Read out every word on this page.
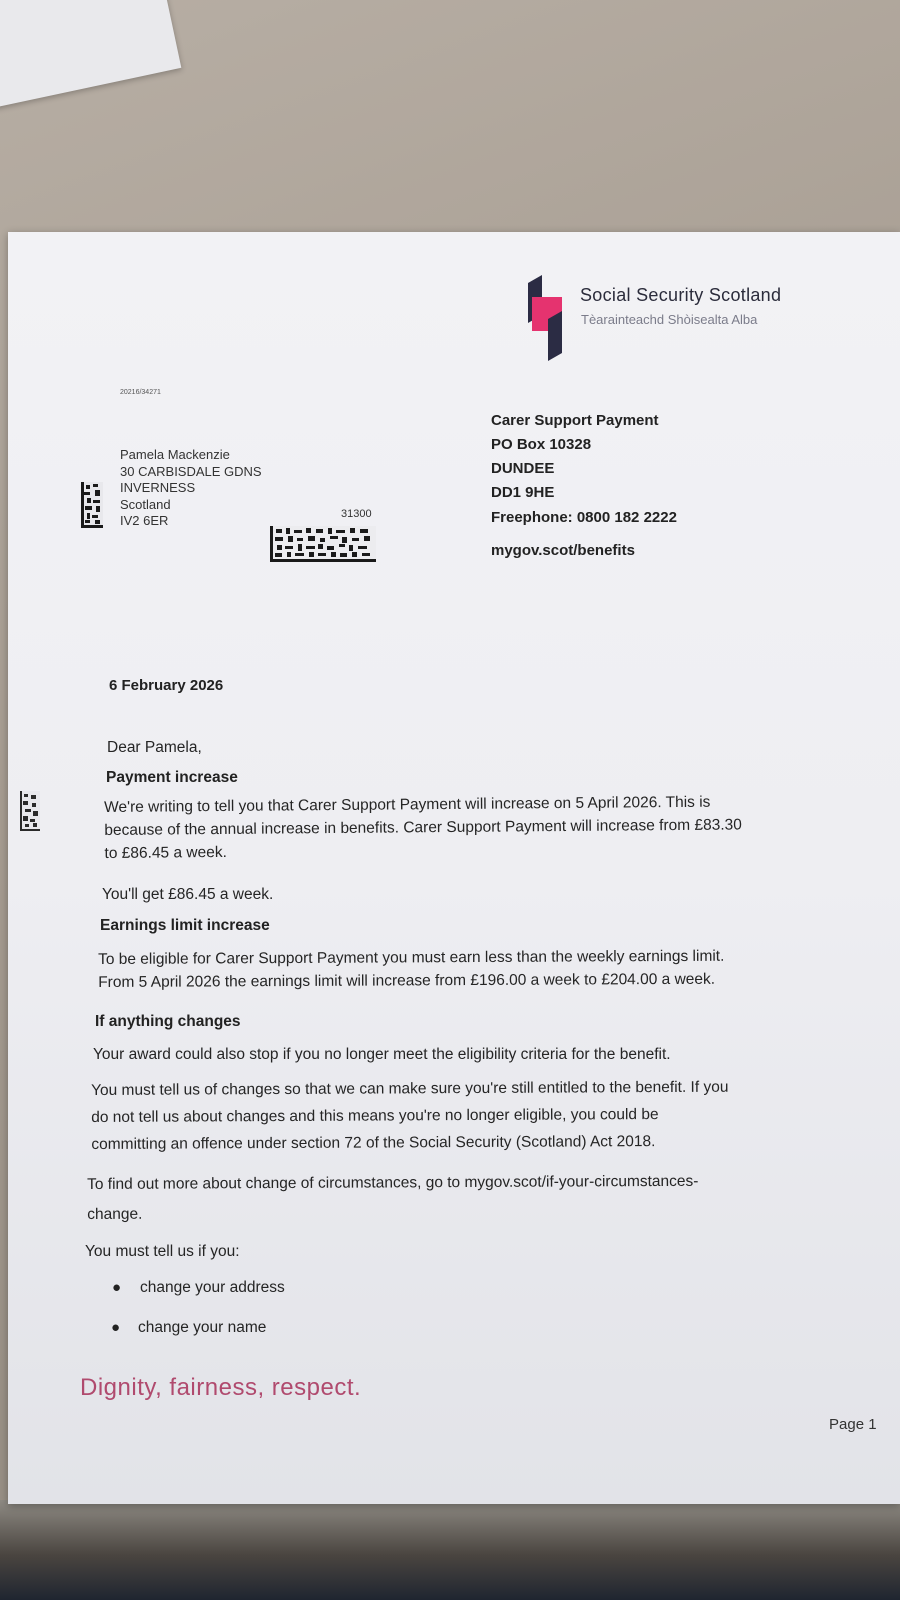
Social Security Scotland
Tèarainteachd Shòisealta Alba
20216/34271
Pamela Mackenzie
30 CARBISDALE GDNS
INVERNESS
Scotland
IV2 6ER	31300
Carer Support Payment
PO Box 10328
DUNDEE
DD1 9HE
Freephone: 0800 182 2222
mygov.scot/benefits
6 February 2026
Dear Pamela,
Payment increase
We're writing to tell you that Carer Support Payment will increase on 5 April 2026. This is
because of the annual increase in benefits. Carer Support Payment will increase from £83.30
to £86.45 a week.
You'll get £86.45 a week.
Earnings limit increase
To be eligible for Carer Support Payment you must earn less than the weekly earnings limit.
From 5 April 2026 the earnings limit will increase from £196.00 a week to £204.00 a week.
If anything changes
Your award could also stop if you no longer meet the eligibility criteria for the benefit.
You must tell us of changes so that we can make sure you're still entitled to the benefit. If you
do not tell us about changes and this means you're no longer eligible, you could be
committing an offence under section 72 of the Social Security (Scotland) Act 2018.
To find out more about change of circumstances, go to mygov.scot/if-your-circumstances-
change.
You must tell us if you:
● change your address
● change your name
Dignity, fairness, respect.
Page 1
